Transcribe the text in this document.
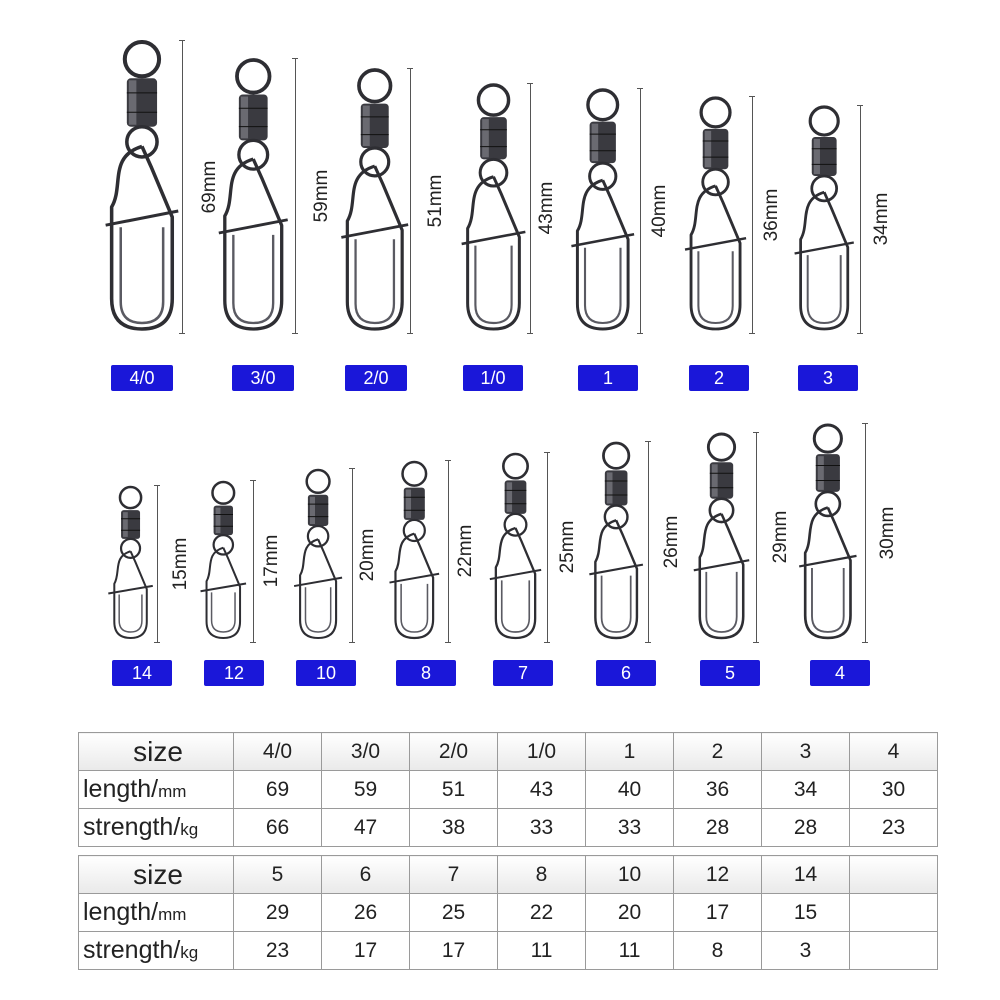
69mm
4/0
59mm
3/0
51mm
2/0
43mm
1/0
40mm
1
36mm
2
34mm
3
15mm
14
17mm
12
20mm
10
22mm
8
25mm
7
26mm
6
29mm
5
30mm
4
size	4/0	3/0	2/0	1/0	1	2	3	4
length/mm	69	59	51	43	40	36	34	30
strength/kg	66	47	38	33	33	28	28	23
size	5	6	7	8	10	12	14	
length/mm	29	26	25	22	20	17	15	
strength/kg	23	17	17	11	11	8	3	
